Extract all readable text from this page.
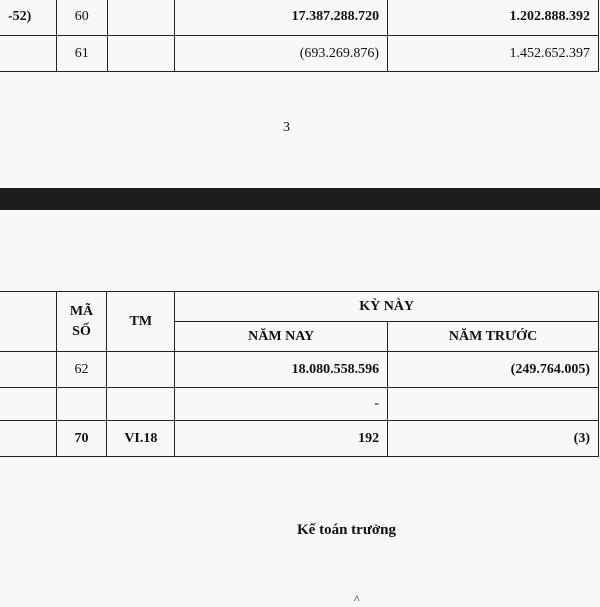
-52)	60		17.387.288.720	1.202.888.392
	61		(693.269.876)	1.452.652.397
3
	MÃ SỐ	TM	KỲ NÀY	
			NĂM NAY	NĂM TRƯỚC
	62		18.080.558.596	(249.764.005)
			-	
	70	VI.18	192	(3)
Kế toán trưởng
^
